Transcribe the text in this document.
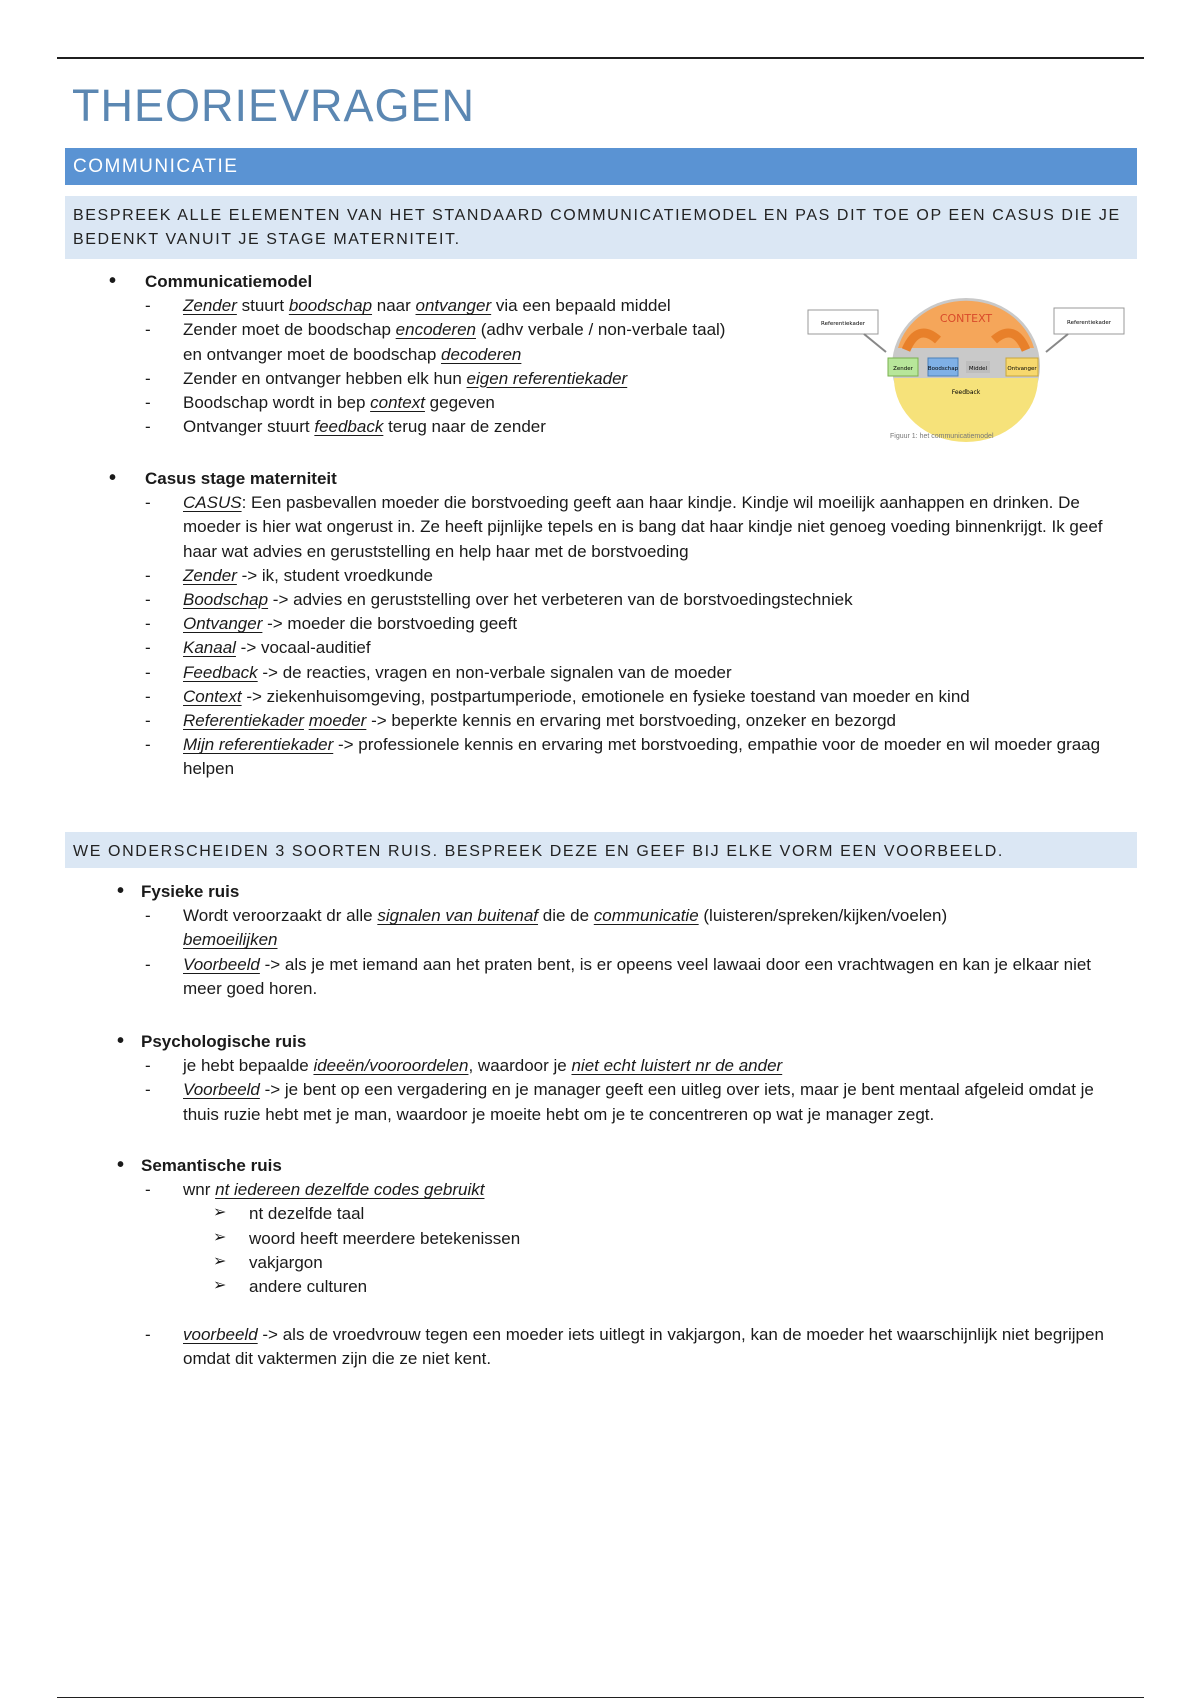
THEORIEVRAGEN
COMMUNICATIE
BESPREEK ALLE ELEMENTEN VAN HET STANDAARD COMMUNICATIEMODEL EN PAS DIT TOE OP EEN CASUS DIE JE BEDENKT VANUIT JE STAGE MATERNITEIT.
• Communicatiemodel
- Zender stuurt boodschap naar ontvanger via een bepaald middel
- Zender moet de boodschap encoderen (adhv verbale / non-verbale taal)
en ontvanger moet de boodschap decoderen
- Zender en ontvanger hebben elk hun eigen referentiekader
- Boodschap wordt in bep context gegeven
- Ontvanger stuurt feedback terug naar de zender
CONTEXT
Zender	Boodschap Middel	Ontvanger
Feedback
Referentiekader	Referentiekader
Figuur 1: het communicatiemodel
• Casus stage materniteit
- CASUS: Een pasbevallen moeder die borstvoeding geeft aan haar kindje. Kindje wil moeilijk aanhappen en drinken. De moeder is hier wat ongerust in. Ze heeft pijnlijke tepels en is bang dat haar kindje niet genoeg voeding binnenkrijgt. Ik geef haar wat advies en geruststelling en help haar met de borstvoeding
- Zender -> ik, student vroedkunde
- Boodschap -> advies en geruststelling over het verbeteren van de borstvoedingstechniek
- Ontvanger -> moeder die borstvoeding geeft
- Kanaal -> vocaal-auditief
- Feedback -> de reacties, vragen en non-verbale signalen van de moeder
- Context -> ziekenhuisomgeving, postpartumperiode, emotionele en fysieke toestand van moeder en kind
- Referentiekader moeder -> beperkte kennis en ervaring met borstvoeding, onzeker en bezorgd
- Mijn referentiekader -> professionele kennis en ervaring met borstvoeding, empathie voor de moeder en wil moeder graag helpen
WE ONDERSCHEIDEN 3 SOORTEN RUIS. BESPREEK DEZE EN GEEF BIJ ELKE VORM EEN VOORBEELD.
• Fysieke ruis
- Wordt veroorzaakt dr alle signalen van buitenaf die de communicatie (luisteren/spreken/kijken/voelen)
bemoeilijken
- Voorbeeld -> als je met iemand aan het praten bent, is er opeens veel lawaai door een vrachtwagen en kan je elkaar niet meer goed horen.
• Psychologische ruis
- je hebt bepaalde ideeën/vooroordelen, waardoor je niet echt luistert nr de ander
- Voorbeeld -> je bent op een vergadering en je manager geeft een uitleg over iets, maar je bent mentaal afgeleid omdat je thuis ruzie hebt met je man, waardoor je moeite hebt om je te concentreren op wat je manager zegt.
• Semantische ruis
- wnr nt iedereen dezelfde codes gebruikt
➢ nt dezelfde taal
➢ woord heeft meerdere betekenissen
➢ vakjargon
➢ andere culturen
- voorbeeld -> als de vroedvrouw tegen een moeder iets uitlegt in vakjargon, kan de moeder het waarschijnlijk niet begrijpen omdat dit vaktermen zijn die ze niet kent.
